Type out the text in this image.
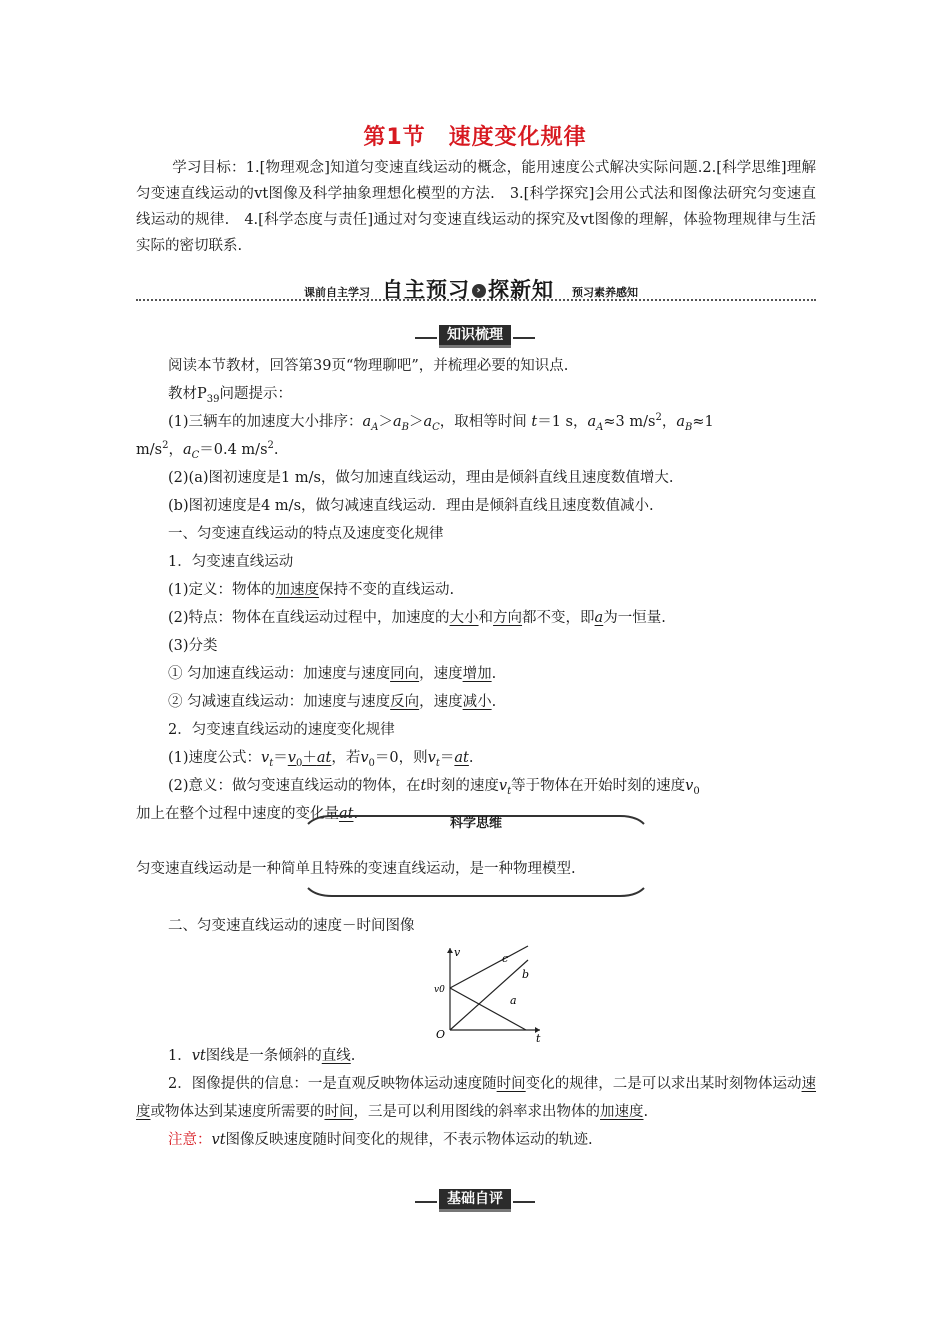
第1节　速度变化规律
学习目标：1.[物理观念]知道匀变速直线运动的概念，能用速度公式解决实际问题.2.[科学思维]理解匀变速直线运动的vt图像及科学抽象理想化模型的方法.　3.[科学探究]会用公式法和图像法研究匀变速直线运动的规律.　4.[科学态度与责任]通过对匀变速直线运动的探究及vt图像的理解，体验物理规律与生活实际的密切联系.
课前自主学习 自主预习 › 探新知 预习素养感知
知识梳理

阅读本节教材，回答第39页“物理聊吧”，并梳理必要的知识点.

教材$P_{39}$问题提示：

(1)三辆车的加速度大小排序：$a_A>a_B>a_C$，取相等时间 t＝1 s，$a_A\approx 3$ $m/s^2$，$a_B\approx 1$

$m/s^2$，$a_C=0.4$ $m/s^2$.

(2)(a)图初速度是1 m/s，做匀加速直线运动，理由是倾斜直线且速度数值增大.

(b)图初速度是4 m/s，做匀减速直线运动．理由是倾斜直线且速度数值减小.

一、匀变速直线运动的特点及速度变化规律

1．匀变速直线运动

(1)定义：物体的加速度保持不变的直线运动.

(2)特点：物体在直线运动过程中，加速度的大小和方向都不变，即a为一恒量.

(3)分类

① 匀加速直线运动：加速度与速度同向，速度增加.

② 匀减速直线运动：加速度与速度反向，速度减小.

2．匀变速直线运动的速度变化规律

(1)速度公式：$v_t=v_0+at$，若$v_0=0$，则$v_t=at$.

(2)意义：做匀变速直线运动的物体，在t时刻的速度$v_t$等于物体在开始时刻的速度$v_0$

加上在整个过程中速度的变化量at.

科学思维
匀变速直线运动是一种简单且特殊的变速直线运动，是一种物理模型.

二、匀变速直线运动的速度－时间图像

v
t
O
v0
c
b
a

1．vt图线是一条倾斜的直线.

2．图像提供的信息：一是直观反映物体运动速度随时间变化的规律，二是可以求出某时刻物体运动速度或物体达到某速度所需要的时间，三是可以利用图线的斜率求出物体的加速度.

注意：vt图像反映速度随时间变化的规律，不表示物体运动的轨迹.

基础自评
